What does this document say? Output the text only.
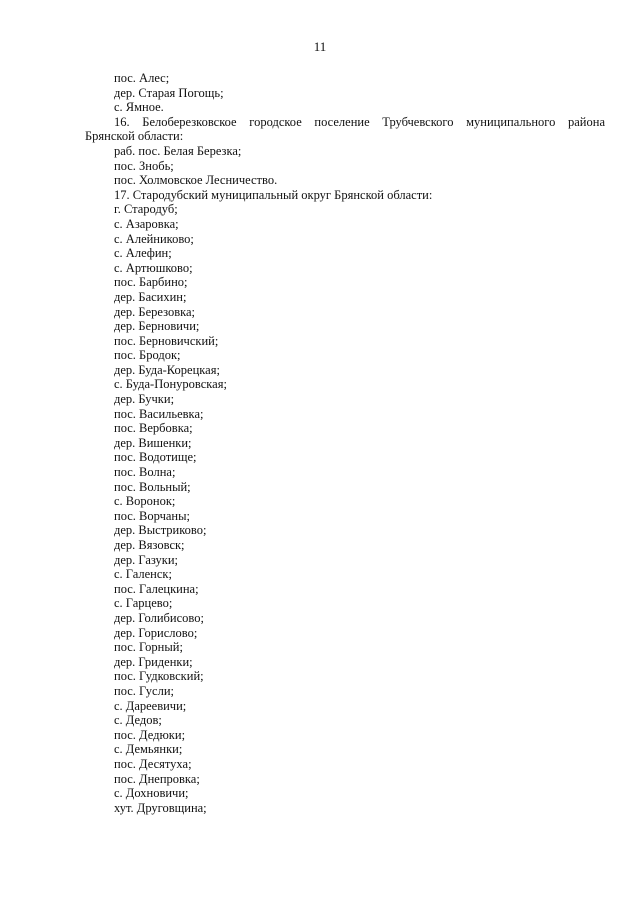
11

пос. Алес;

дер. Старая Погощь;

с. Ямное.

16. Белоберезковское городское поселение Трубчевского муниципального района
Брянской области:

раб. пос. Белая Березка;

пос. Знобь;

пос. Холмовское Лесничество.

17. Стародубский муниципальный округ Брянской области:

г. Стародуб;

с. Азаровка;

с. Алейниково;

с. Алефин;

с. Артюшково;

пос. Барбино;

дер. Басихин;

дер. Березовка;

дер. Берновичи;

пос. Берновичский;

пос. Бродок;

дер. Буда-Корецкая;

с. Буда-Понуровская;

дер. Бучки;

пос. Васильевка;

пос. Вербовка;

дер. Вишенки;

пос. Водотище;

пос. Волна;

пос. Вольный;

с. Воронок;

пос. Ворчаны;

дер. Выстриково;

дер. Вязовск;

дер. Газуки;

с. Галенск;

пос. Галецкина;

с. Гарцево;

дер. Голибисово;

дер. Горислово;

пос. Горный;

дер. Гриденки;

пос. Гудковский;

пос. Гусли;

с. Дареевичи;

с. Дедов;

пос. Дедюки;

с. Демьянки;

пос. Десятуха;

пос. Днепровка;

с. Дохновичи;

хут. Друговщина;
